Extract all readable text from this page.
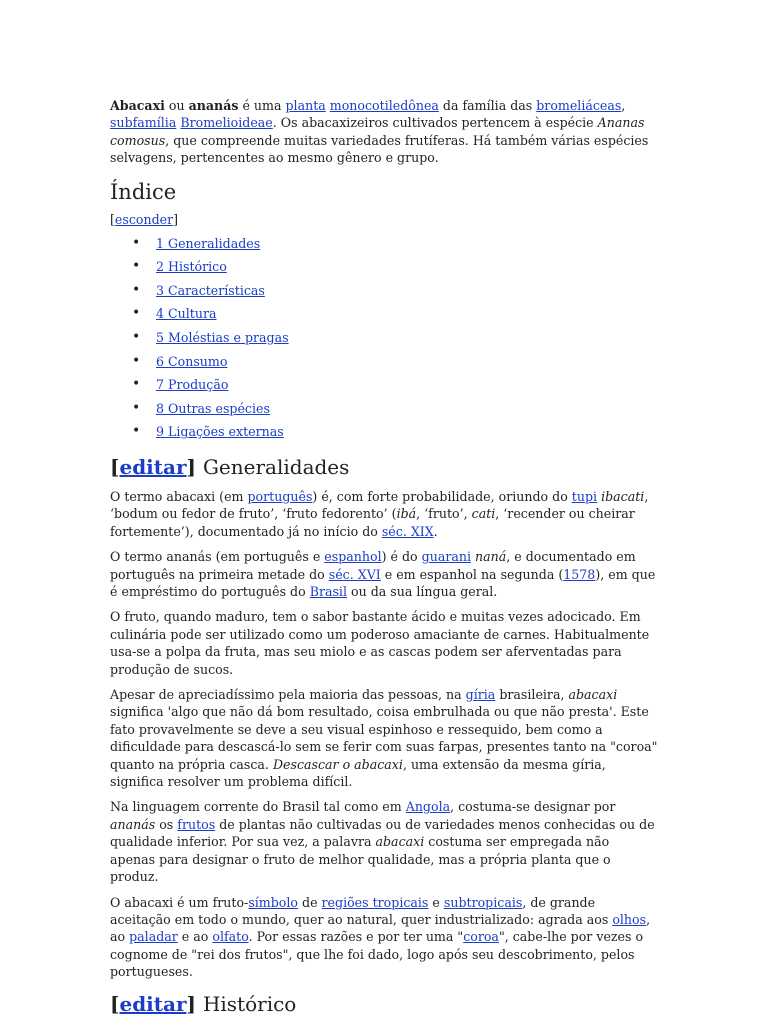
Abacaxi ou ananás é uma planta monocotiledônea da família das bromeliáceas, subfamília Bromelioideae. Os abacaxizeiros cultivados pertencem à espécie Ananas comosus, que compreende muitas variedades frutíferas. Há também várias espécies selvagens, pertencentes ao mesmo gênero e grupo.

Índice
[esconder]
• 1 Generalidades
• 2 Histórico
• 3 Características
• 4 Cultura
• 5 Moléstias e pragas
• 6 Consumo
• 7 Produção
• 8 Outras espécies
• 9 Ligações externas
[editar] Generalidades

O termo abacaxi (em português) é, com forte probabilidade, oriundo do tupi ibacati, ‘bodum ou fedor de fruto’, ‘fruto fedorento’ (ibá, ‘fruto’, cati, ‘recender ou cheirar fortemente’), documentado já no início do séc. XIX.

O termo ananás (em português e espanhol) é do guarani naná, e documentado em português na primeira metade do séc. XVI e em espanhol na segunda (1578), em que é empréstimo do português do Brasil ou da sua língua geral.

O fruto, quando maduro, tem o sabor bastante ácido e muitas vezes adocicado. Em culinária pode ser utilizado como um poderoso amaciante de carnes. Habitualmente usa-se a polpa da fruta, mas seu miolo e as cascas podem ser aferventadas para produção de sucos.

Apesar de apreciadíssimo pela maioria das pessoas, na gíria brasileira, abacaxi significa 'algo que não dá bom resultado, coisa embrulhada ou que não presta'. Este fato provavelmente se deve a seu visual espinhoso e ressequido, bem como a dificuldade para descascá-lo sem se ferir com suas farpas, presentes tanto na "coroa" quanto na própria casca. Descascar o abacaxi, uma extensão da mesma gíria, significa resolver um problema difícil.

Na linguagem corrente do Brasil tal como em Angola, costuma-se designar por ananás os frutos de plantas não cultivadas ou de variedades menos conhecidas ou de qualidade inferior. Por sua vez, a palavra abacaxi costuma ser empregada não apenas para designar o fruto de melhor qualidade, mas a própria planta que o produz.

O abacaxi é um fruto-símbolo de regiões tropicais e subtropicais, de grande aceitação em todo o mundo, quer ao natural, quer industrializado: agrada aos olhos, ao paladar e ao olfato. Por essas razões e por ter uma "coroa", cabe-lhe por vezes o cognome de "rei dos frutos", que lhe foi dado, logo após seu descobrimento, pelos portugueses.

[editar] Histórico
